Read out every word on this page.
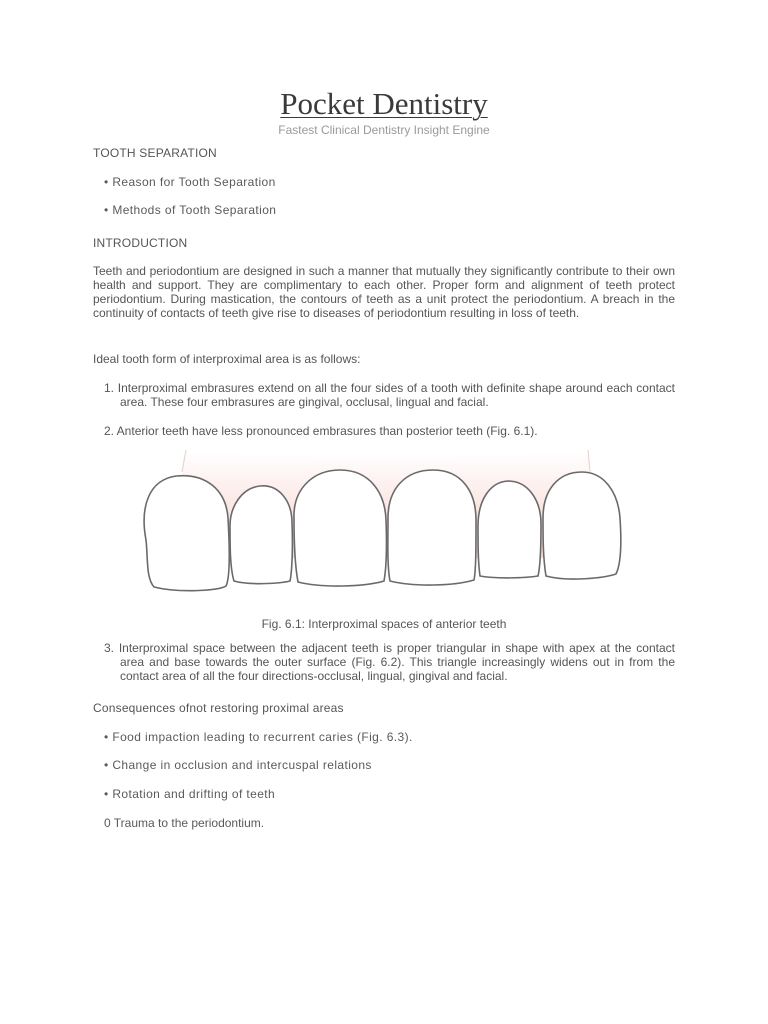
Pocket Dentistry
Fastest Clinical Dentistry Insight Engine
TOOTH SEPARATION
• Reason for Tooth Separation
• Methods of Tooth Separation
INTRODUCTION
Teeth and periodontium are designed in such a manner that mutually they significantly contribute to their own health and support. They are complimentary to each other. Proper form and alignment of teeth protect periodontium. During mastication, the contours of teeth as a unit protect the periodontium. A breach in the continuity of contacts of teeth give rise to diseases of periodontium resulting in loss of teeth.
Ideal tooth form of interproximal area is as follows:
1. Interproximal embrasures extend on all the four sides of a tooth with definite shape around each contact area. These four embrasures are gingival, occlusal, lingual and facial.
2. Anterior teeth have less pronounced embrasures than posterior teeth (Fig. 6.1).
Fig. 6.1: Interproximal spaces of anterior teeth
3. Interproximal space between the adjacent teeth is proper triangular in shape with apex at the contact area and base towards the outer surface (Fig. 6.2). This triangle increasingly widens out in from the contact area of all the four directions-occlusal, lingual, gingival and facial.
Consequences ofnot restoring proximal areas
• Food impaction leading to recurrent caries (Fig. 6.3).
• Change in occlusion and intercuspal relations
• Rotation and drifting of teeth
0 Trauma to the periodontium.
